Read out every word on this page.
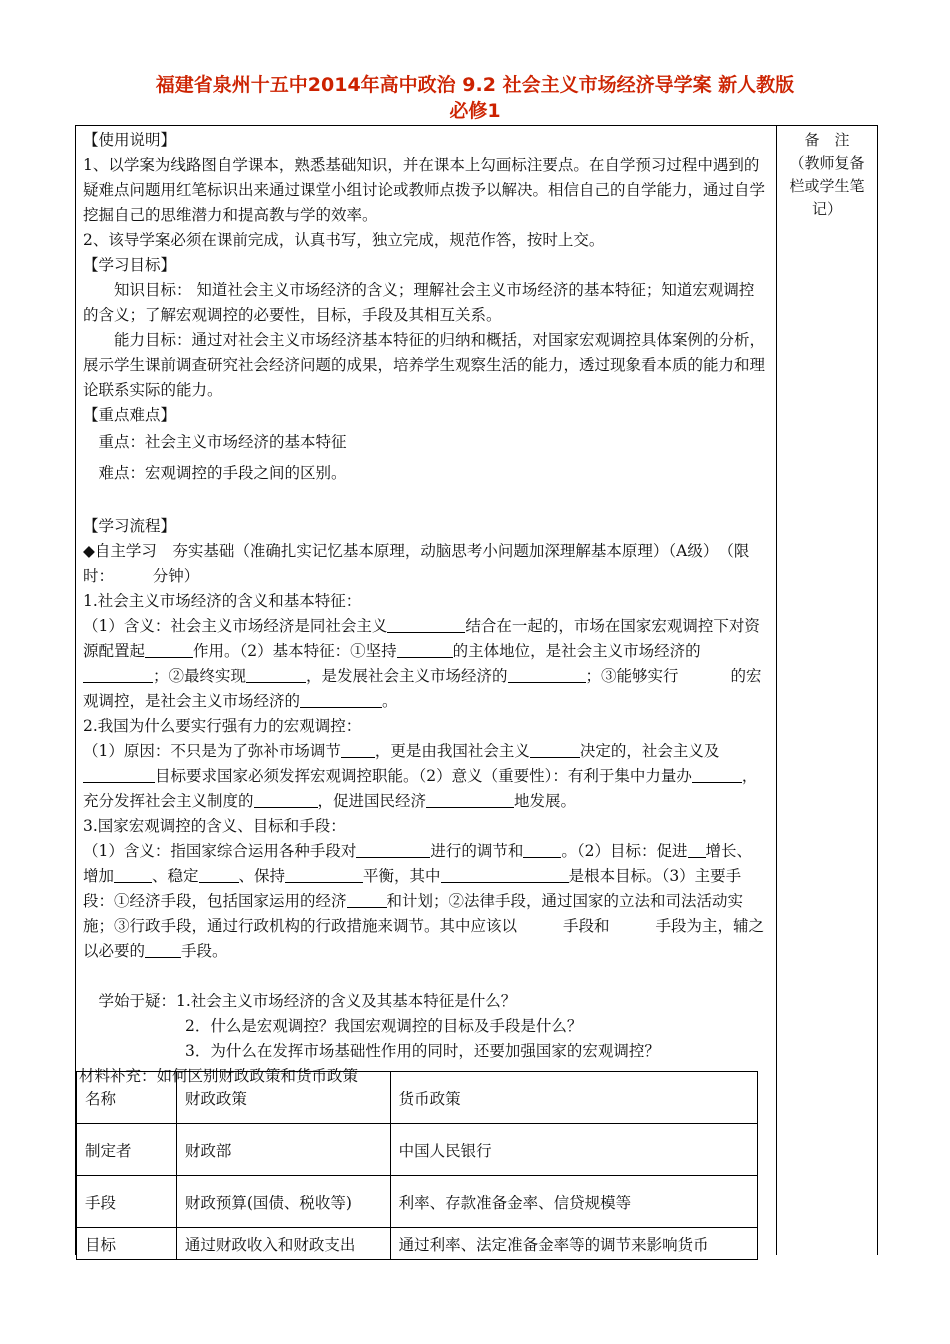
福建省泉州十五中2014年高中政治 9.2 社会主义市场经济导学案 新人教版
必修1
备　注
（教师复备栏或学生笔记）

【使用说明】

1、以学案为线路图自学课本，熟悉基础知识，并在课本上勾画标注要点。在自学预习过程中遇到的疑难点问题用红笔标识出来通过课堂小组讨论或教师点拨予以解决。相信自己的自学能力，通过自学挖掘自己的思维潜力和提高教与学的效率。

2、该导学案必须在课前完成，认真书写，独立完成，规范作答，按时上交。

【学习目标】

知识目标： 知道社会主义市场经济的含义；理解社会主义市场经济的基本特征；知道宏观调控的含义；了解宏观调控的必要性，目标，手段及其相互关系。

能力目标：通过对社会主义市场经济基本特征的归纳和概括，对国家宏观调控具体案例的分析，展示学生课前调查研究社会经济问题的成果，培养学生观察生活的能力，透过现象看本质的能力和理论联系实际的能力。

【重点难点】

重点：社会主义市场经济的基本特征

难点：宏观调控的手段之间的区别。

【学习流程】

◆自主学习　夯实基础（准确扎实记忆基本原理，动脑思考小问题加深理解基本原理）（A级）　（限时：　　　分钟）

1.社会主义市场经济的含义和基本特征：

（1）含义：社会主义市场经济是同社会主义	结合在一起的，市场在国家宏观调控下对资源配置起	作用。（2）基本特征：①坚持	的主体地位，是社会主义市场经济的；②最终实现	，是发展社会主义市场经济的	；③能够实行	的宏观调控，是社会主义市场经济的	。

2.我国为什么要实行强有力的宏观调控：

（1）原因：不只是为了弥补市场调节 ，更是由我国社会主义	决定的，社会主义及目标要求国家必须发挥宏观调控职能。（2）意义（重要性）：有利于集中力量办	，充分发挥社会主义制度的	，促进国民经济	地发展。

3.国家宏观调控的含义、目标和手段：

（1）含义：指国家综合运用各种手段对	进行的调节和 。（2）目标：促进 增长、增加 、稳定	、保持	平衡，其中	是根本目标。（3）主要手段：①经济手段，包括国家运用的经济	和计划；②法律手段，通过国家的立法和司法活动实施；③行政手段，通过行政机构的行政措施来调节。其中应该以	手段和	手段为主，辅之以必要的 手段。

学始于疑：1.社会主义市场经济的含义及其基本特征是什么？

2．什么是宏观调控？我国宏观调控的目标及手段是什么？

3．为什么在发挥市场基础性作用的同时，还要加强国家的宏观调控？

材料补充：如何区别财政政策和货币政策

名称	财政政策	货币政策
制定者	财政部	中国人民银行
手段	财政预算(国债、税收等)	利率、存款准备金率、信贷规模等
目标	通过财政收入和财政支出	通过利率、法定准备金率等的调节来影响货币
